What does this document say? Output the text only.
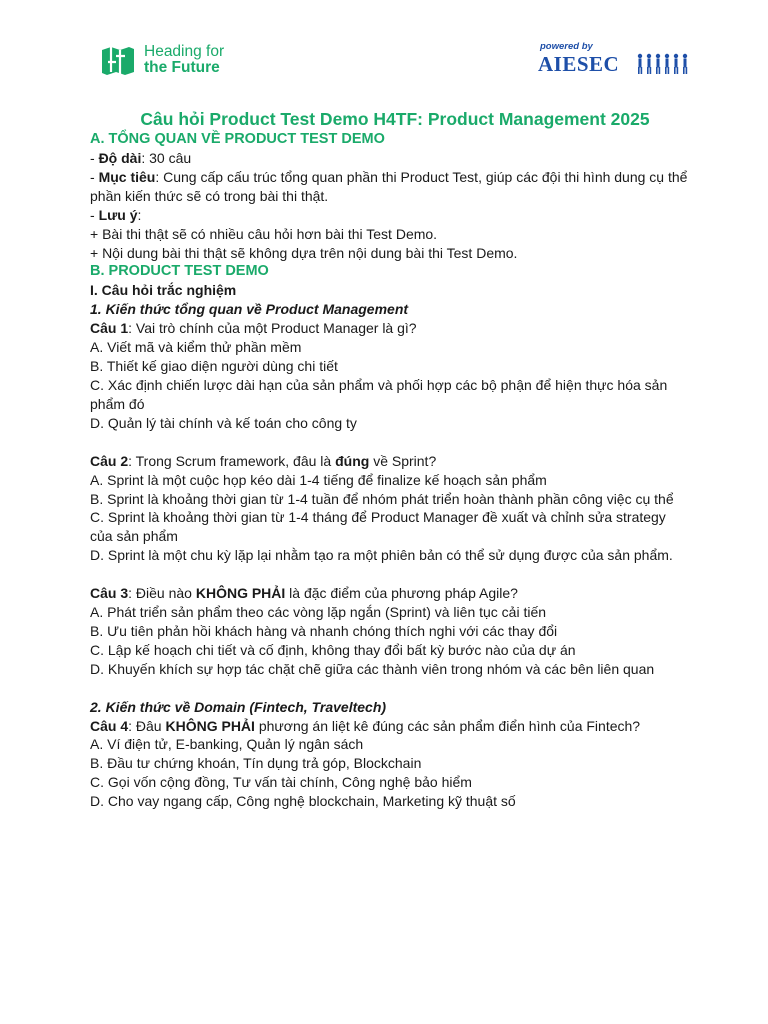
Heading for
the Future
powered by
AIESEC
Câu hỏi Product Test Demo H4TF: Product Management 2025
A. TỔNG QUAN VỀ PRODUCT TEST DEMO
- Độ dài: 30 câu
- Mục tiêu: Cung cấp cấu trúc tổng quan phần thi Product Test, giúp các đội thi hình dung cụ thể phần kiến thức sẽ có trong bài thi thật.
- Lưu ý:
+ Bài thi thật sẽ có nhiều câu hỏi hơn bài thi Test Demo.
+ Nội dung bài thi thật sẽ không dựa trên nội dung bài thi Test Demo.
B. PRODUCT TEST DEMO
I. Câu hỏi trắc nghiệm
1. Kiến thức tổng quan về Product Management
Câu 1: Vai trò chính của một Product Manager là gì?
A. Viết mã và kiểm thử phần mềm
B. Thiết kế giao diện người dùng chi tiết
C. Xác định chiến lược dài hạn của sản phẩm và phối hợp các bộ phận để hiện thực hóa sản phẩm đó
D. Quản lý tài chính và kế toán cho công ty
Câu 2: Trong Scrum framework, đâu là đúng về Sprint?
A. Sprint là một cuộc họp kéo dài 1-4 tiếng để finalize kế hoạch sản phẩm
B. Sprint là khoảng thời gian từ 1-4 tuần để nhóm phát triển hoàn thành phần công việc cụ thể
C. Sprint là khoảng thời gian từ 1-4 tháng để Product Manager đề xuất và chỉnh sửa strategy của sản phẩm
D. Sprint là một chu kỳ lặp lại nhằm tạo ra một phiên bản có thể sử dụng được của sản phẩm.
Câu 3: Điều nào KHÔNG PHẢI là đặc điểm của phương pháp Agile?
A. Phát triển sản phẩm theo các vòng lặp ngắn (Sprint) và liên tục cải tiến
B. Ưu tiên phản hồi khách hàng và nhanh chóng thích nghi với các thay đổi
C. Lập kế hoạch chi tiết và cố định, không thay đổi bất kỳ bước nào của dự án
D. Khuyến khích sự hợp tác chặt chẽ giữa các thành viên trong nhóm và các bên liên quan
2. Kiến thức về Domain (Fintech, Traveltech)
Câu 4: Đâu KHÔNG PHẢI phương án liệt kê đúng các sản phẩm điển hình của Fintech?
A. Ví điện tử, E-banking, Quản lý ngân sách
B. Đầu tư chứng khoán, Tín dụng trả góp, Blockchain
C. Gọi vốn cộng đồng, Tư vấn tài chính, Công nghệ bảo hiểm
D. Cho vay ngang cấp, Công nghệ blockchain, Marketing kỹ thuật số
